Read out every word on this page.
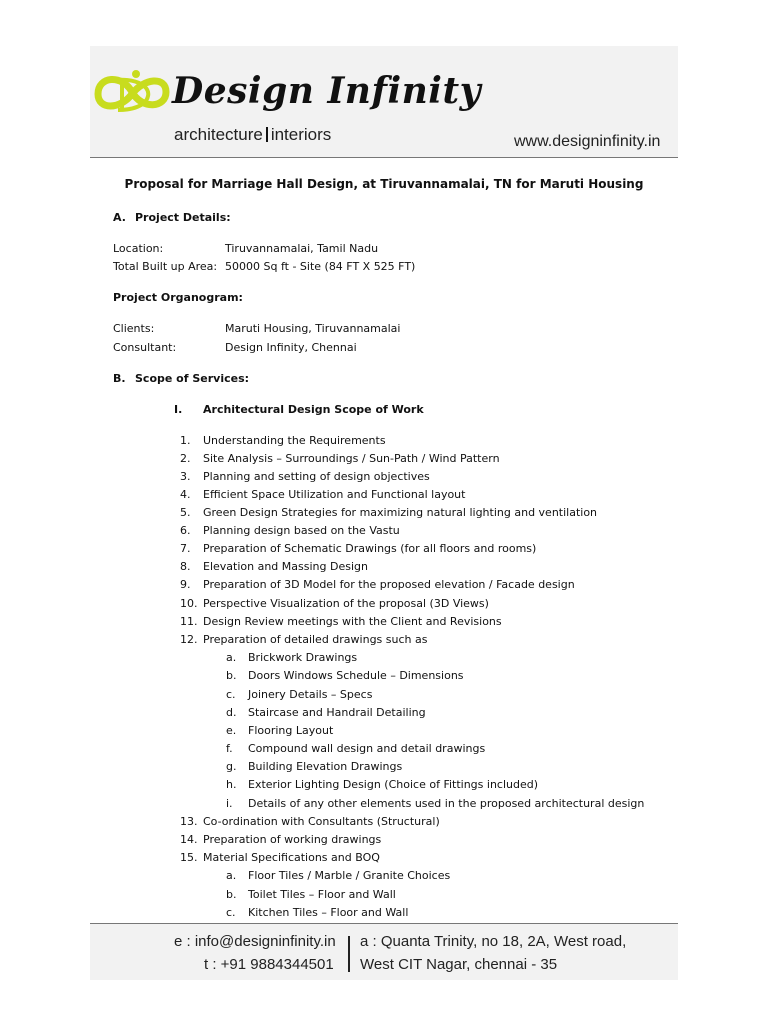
Design Infinity
architecture interiors	www.designinfinity.in
Proposal for Marriage Hall Design, at Tiruvannamalai, TN for Maruti Housing
A. Project Details:
Location:	Tiruvannamalai, Tamil Nadu
Total Built up Area: 50000 Sq ft - Site (84 FT X 525 FT)
Project Organogram:
Clients:	Maruti Housing, Tiruvannamalai
Consultant:	Design Infinity, Chennai
B. Scope of Services:
I. Architectural Design Scope of Work
1. Understanding the Requirements
2. Site Analysis – Surroundings / Sun-Path / Wind Pattern
3. Planning and setting of design objectives
4. Efficient Space Utilization and Functional layout
5. Green Design Strategies for maximizing natural lighting and ventilation
6. Planning design based on the Vastu
7. Preparation of Schematic Drawings (for all floors and rooms)
8. Elevation and Massing Design
9. Preparation of 3D Model for the proposed elevation / Facade design
10. Perspective Visualization of the proposal (3D Views)
11. Design Review meetings with the Client and Revisions
12. Preparation of detailed drawings such as
a. Brickwork Drawings
b. Doors Windows Schedule – Dimensions
c. Joinery Details – Specs
d. Staircase and Handrail Detailing
e. Flooring Layout
f. Compound wall design and detail drawings
g. Building Elevation Drawings
h. Exterior Lighting Design (Choice of Fittings included)
i. Details of any other elements used in the proposed architectural design
13. Co-ordination with Consultants (Structural)
14. Preparation of working drawings
15. Material Specifications and BOQ
a. Floor Tiles / Marble / Granite Choices
b. Toilet Tiles – Floor and Wall
c. Kitchen Tiles – Floor and Wall
e : info@designinfinity.in
t : +91 9884344501
a : Quanta Trinity, no 18, 2A, West road,
West CIT Nagar, chennai - 35
